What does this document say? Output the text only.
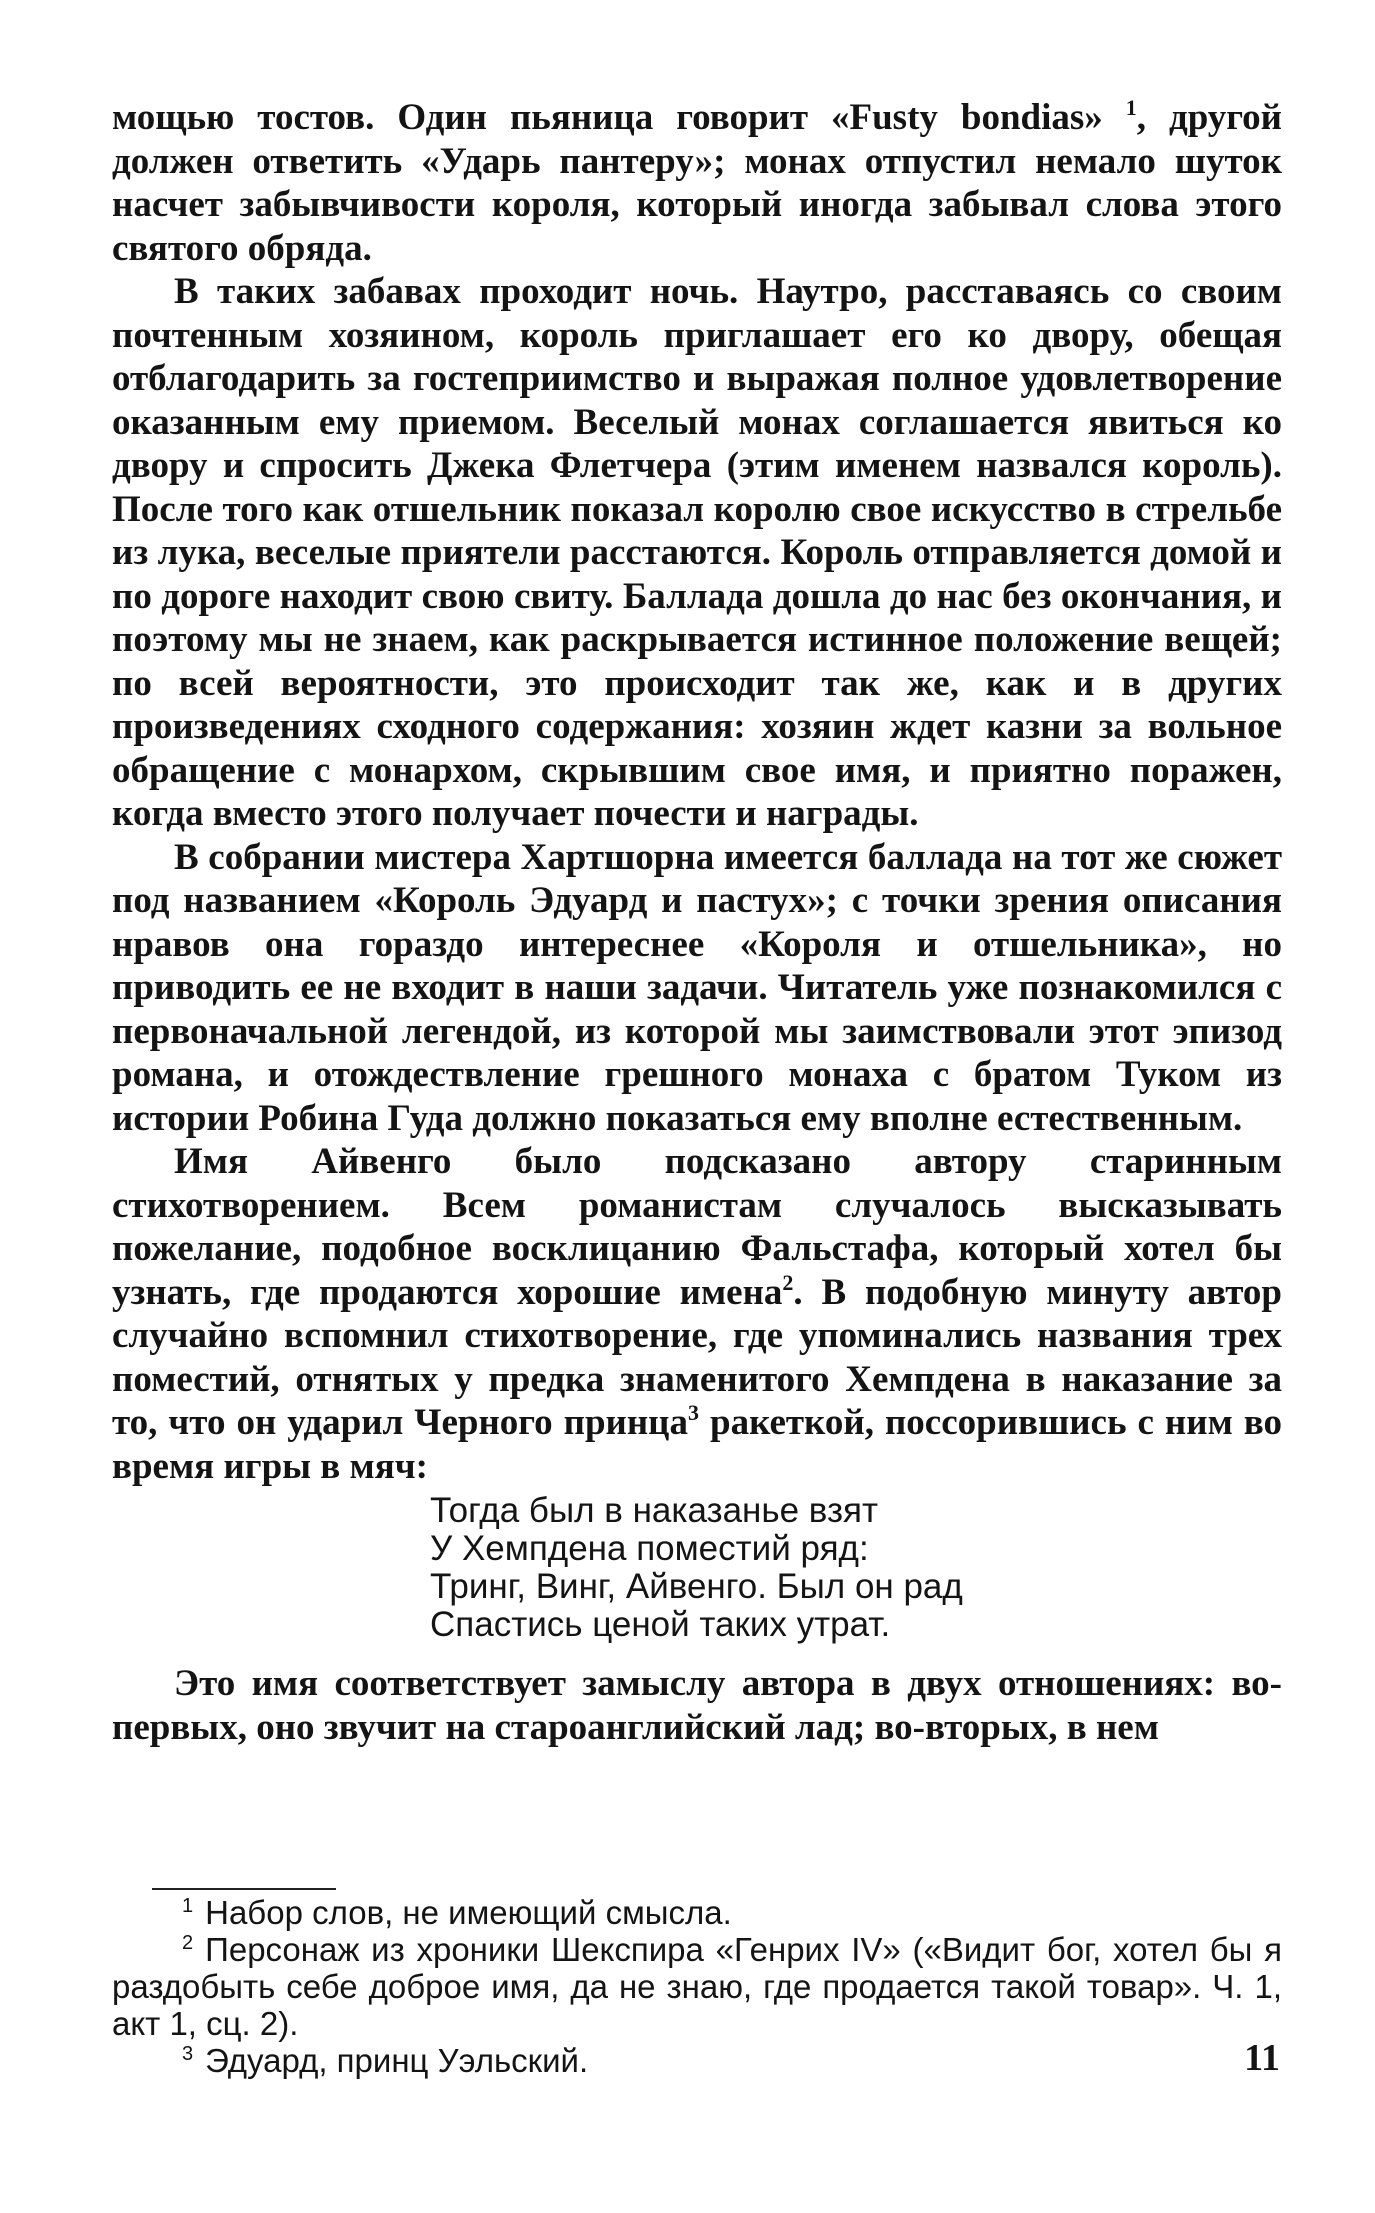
мощью тостов. Один пьяница говорит «Fusty bondias» $^1$, другой должен ответить «Ударь пантеру»; монах отпустил немало шуток насчет забывчивости короля, который иногда забывал слова этого святого обряда.

В таких забавах проходит ночь. Наутро, расставаясь со своим почтенным хозяином, король приглашает его ко двору, обещая отблагодарить за гостеприимство и выражая полное удовлетворение оказанным ему приемом. Веселый монах соглашается явиться ко двору и спросить Джека Флетчера (этим именем назвался король). После того как отшельник показал королю свое искусство в стрельбе из лука, веселые приятели расстаются. Король отправляется домой и по дороге находит свою свиту. Баллада дошла до нас без окончания, и поэтому мы не знаем, как раскрывается истинное положение вещей; по всей вероятности, это происходит так же, как и в других произведениях сходного содержания: хозяин ждет казни за вольное обращение с монархом, скрывшим свое имя, и приятно поражен, когда вместо этого получает почести и награды.

В собрании мистера Хартшорна имеется баллада на тот же сюжет под названием «Король Эдуард и пастух»; с точки зрения описания нравов она гораздо интереснее «Короля и отшельника», но приводить ее не входит в наши задачи. Читатель уже познакомился с первоначальной легендой, из которой мы заимствовали этот эпизод романа, и отождествление грешного монаха с братом Туком из истории Робина Гуда должно показаться ему вполне естественным.

Имя Айвенго было подсказано автору старинным стихотворением. Всем романистам случалось высказывать пожелание, подобное восклицанию Фальстафа, который хотел бы узнать, где продаются хорошие имена$^2$. В подобную минуту автор случайно вспомнил стихотворение, где упоминались названия трех поместий, отнятых у предка знаменитого Хемпдена в наказание за то, что он ударил Черного принца$^3$ ракеткой, поссорившись с ним во время игры в мяч:

Тогда был в наказанье взят
У Хемпдена поместий ряд:
Тринг, Винг, Айвенго. Был он рад
Спастись ценой таких утрат.

Это имя соответствует замыслу автора в двух отношениях: во-первых, оно звучит на староанглийский лад; во-вторых, в нем

$^1$ Набор слов, не имеющий смысла.

$^2$ Персонаж из хроники Шекспира «Генрих IV» («Видит бог, хотел бы я раздобыть себе доброе имя, да не знаю, где продается такой товар». Ч. 1, акт 1, сц. 2).

$^3$ Эдуард, принц Уэльский.	11
